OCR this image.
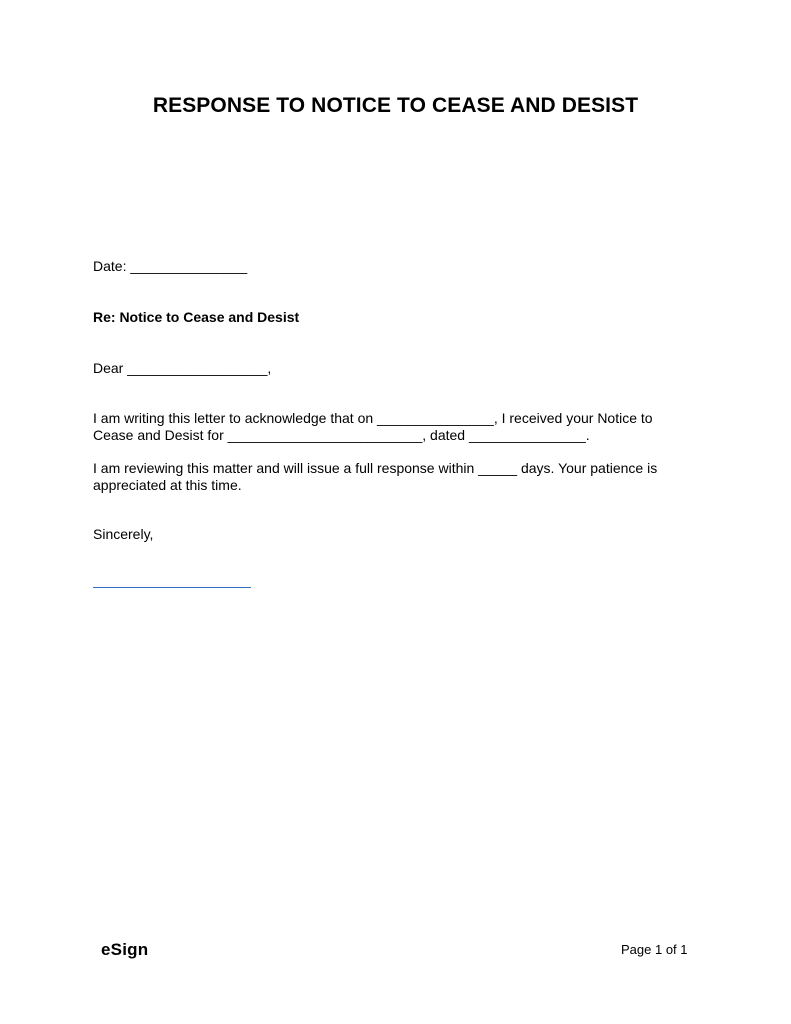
RESPONSE TO NOTICE TO CEASE AND DESIST
Date: _______________
Re: Notice to Cease and Desist
Dear __________________,
I am writing this letter to acknowledge that on _______________, I received your Notice to
Cease and Desist for _________________________, dated _______________.
I am reviewing this matter and will issue a full response within _____ days. Your patience is
appreciated at this time.
Sincerely,
eSign	Page 1 of 1
